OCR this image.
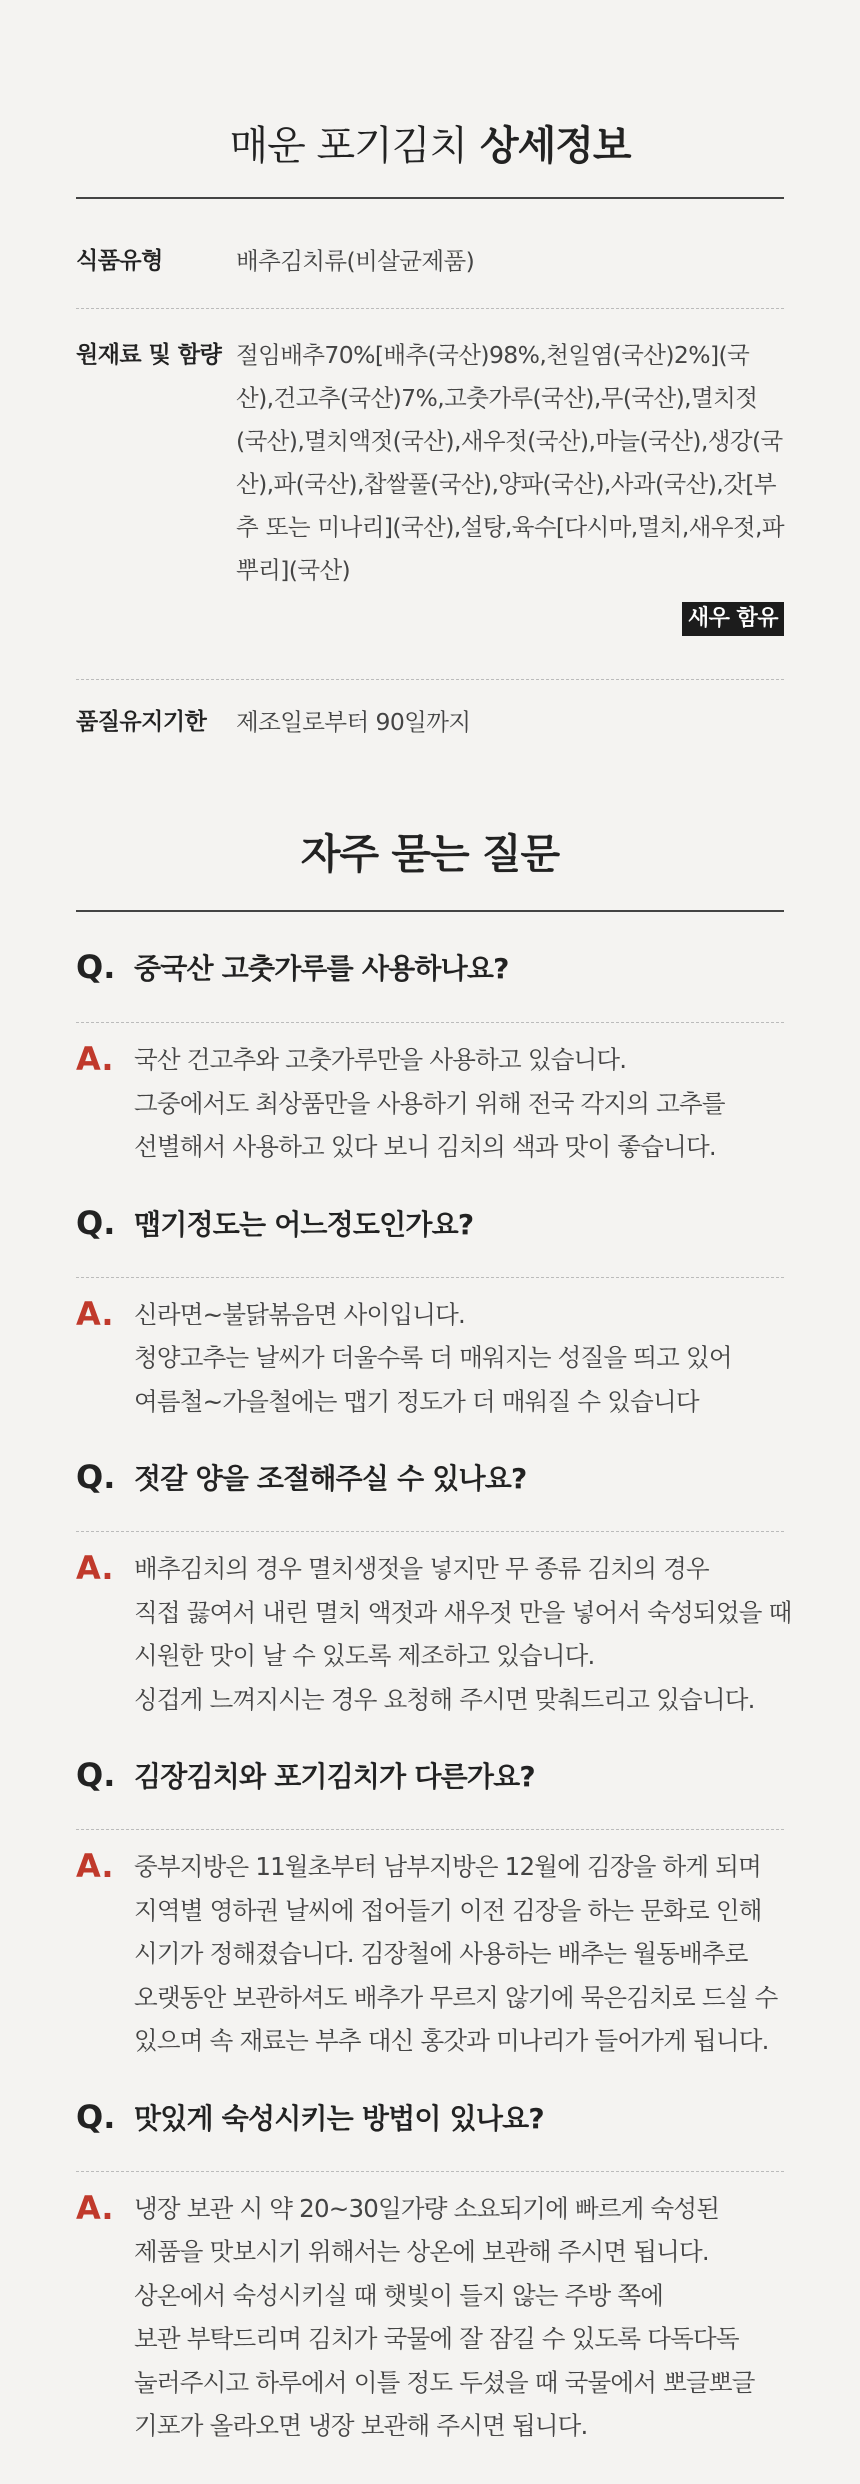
매운 포기김치 상세정보
식품유형	배추김치류(비살균제품)
원재료 및 함량 절임배추70%[배추(국산)98%,천일염(국산)2%](국산),건고추(국산)7%,고춧가루(국산),무(국산),멸치젓(국산),멸치액젓(국산),새우젓(국산),마늘(국산),생강(국산),파(국산),찹쌀풀(국산),양파(국산),사과(국산),갓[부추 또는 미나리](국산),설탕,육수[다시마,멸치,새우젓,파뿌리](국산)
새우 함유
품질유지기한	제조일로부터 90일까지
자주 묻는 질문
Q. 중국산 고춧가루를 사용하나요?
A. 국산 건고추와 고춧가루만을 사용하고 있습니다.
그중에서도 최상품만을 사용하기 위해 전국 각지의 고추를
선별해서 사용하고 있다 보니 김치의 색과 맛이 좋습니다.
Q. 맵기정도는 어느정도인가요?
A. 신라면~불닭볶음면 사이입니다.
청양고추는 날씨가 더울수록 더 매워지는 성질을 띄고 있어
여름철~가을철에는 맵기 정도가 더 매워질 수 있습니다
Q. 젓갈 양을 조절해주실 수 있나요?
A. 배추김치의 경우 멸치생젓을 넣지만 무 종류 김치의 경우
직접 끓여서 내린 멸치 액젓과 새우젓 만을 넣어서 숙성되었을 때
시원한 맛이 날 수 있도록 제조하고 있습니다.
싱겁게 느껴지시는 경우 요청해 주시면 맞춰드리고 있습니다.
Q. 김장김치와 포기김치가 다른가요?
A. 중부지방은 11월초부터 남부지방은 12월에 김장을 하게 되며
지역별 영하권 날씨에 접어들기 이전 김장을 하는 문화로 인해
시기가 정해졌습니다. 김장철에 사용하는 배추는 월동배추로
오랫동안 보관하셔도 배추가 무르지 않기에 묵은김치로 드실 수
있으며 속 재료는 부추 대신 홍갓과 미나리가 들어가게 됩니다.
Q. 맛있게 숙성시키는 방법이 있나요?
A. 냉장 보관 시 약 20~30일가량 소요되기에 빠르게 숙성된
제품을 맛보시기 위해서는 상온에 보관해 주시면 됩니다.
상온에서 숙성시키실 때 햇빛이 들지 않는 주방 쪽에
보관 부탁드리며 김치가 국물에 잘 잠길 수 있도록 다독다독
눌러주시고 하루에서 이틀 정도 두셨을 때 국물에서 뽀글뽀글
기포가 올라오면 냉장 보관해 주시면 됩니다.
